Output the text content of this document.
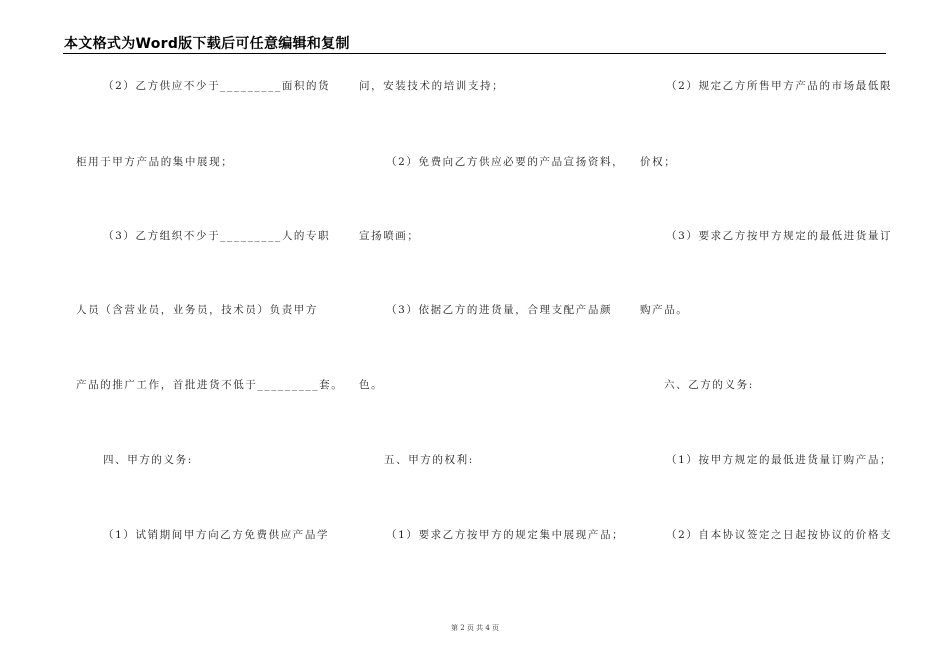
本文格式为Word版下载后可任意编辑和复制
（2）乙方供应不少于_________面积的货
柜用于甲方产品的集中展现；
（3）乙方组织不少于_________人的专职
人员（含营业员，业务员，技术员）负责甲方
产品的推广工作，首批进货不低于_________套。
四、甲方的义务:
（1）试销期间甲方向乙方免费供应产品学
问，安装技术的培训支持；
（2）免费向乙方供应必要的产品宣扬资料，
宣扬喷画；
（3）依据乙方的进货量，合理支配产品颜
色。
五、甲方的权利:
（1）要求乙方按甲方的规定集中展现产品；
（2）规定乙方所售甲方产品的市场最低限
价权；
（3）要求乙方按甲方规定的最低进货量订
购产品。
六、乙方的义务:
（1）按甲方规定的最低进货量订购产品；
（2）自本协议签定之日起按协议的价格支
第 2 页 共 4 页
